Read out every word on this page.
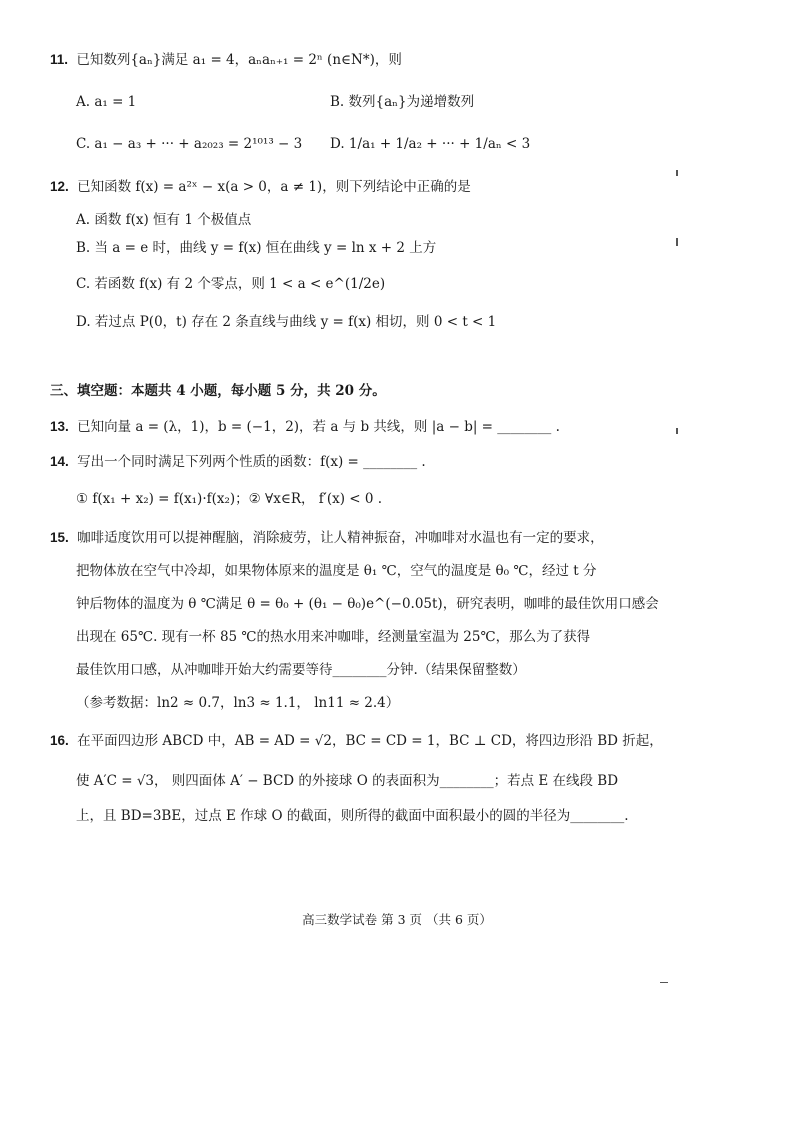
11. 已知数列{aₙ}满足 a₁ = 4，aₙaₙ₊₁ = 2ⁿ (n∈N*)，则
A. a₁ = 1	B. 数列{aₙ}为递增数列
C. a₁ − a₃ + ··· + a₂₀₂₃ = 2¹⁰¹³ − 3 D. 1/a₁ + 1/a₂ + ··· + 1/aₙ < 3
12. 已知函数 f(x) = a²ˣ − x(a > 0，a ≠ 1)，则下列结论中正确的是
A. 函数 f(x) 恒有 1 个极值点
B. 当 a = e 时，曲线 y = f(x) 恒在曲线 y = ln x + 2 上方
C. 若函数 f(x) 有 2 个零点，则 1 < a < e^(1/2e)
D. 若过点 P(0，t) 存在 2 条直线与曲线 y = f(x) 相切，则 0 < t < 1
三、填空题：本题共 4 小题，每小题 5 分，共 20 分。
13. 已知向量 a = (λ，1)，b = (−1，2)，若 a 与 b 共线，则 |a − b| = ________ .
14. 写出一个同时满足下列两个性质的函数：f(x) = ________ .
① f(x₁ + x₂) = f(x₁)·f(x₂)；② ∀x∈R， f′(x) < 0 .
15. 咖啡适度饮用可以提神醒脑，消除疲劳，让人精神振奋，冲咖啡对水温也有一定的要求，
把物体放在空气中冷却，如果物体原来的温度是 θ₁ ℃，空气的温度是 θ₀ ℃，经过 t 分
钟后物体的温度为 θ ℃满足 θ = θ₀ + (θ₁ − θ₀)e^(−0.05t)，研究表明，咖啡的最佳饮用口感会
出现在 65℃. 现有一杯 85 ℃的热水用来冲咖啡，经测量室温为 25℃，那么为了获得
最佳饮用口感，从冲咖啡开始大约需要等待________分钟.（结果保留整数）
（参考数据：ln2 ≈ 0.7，ln3 ≈ 1.1， ln11 ≈ 2.4）
16. 在平面四边形 ABCD 中，AB = AD = √2，BC = CD = 1，BC ⊥ CD，将四边形沿 BD 折起，
使 A′C = √3， 则四面体 A′ − BCD 的外接球 O 的表面积为________；若点 E 在线段 BD
上，且 BD=3BE，过点 E 作球 O 的截面，则所得的截面中面积最小的圆的半径为________.
高三数学试卷 第 3 页 （共 6 页）
